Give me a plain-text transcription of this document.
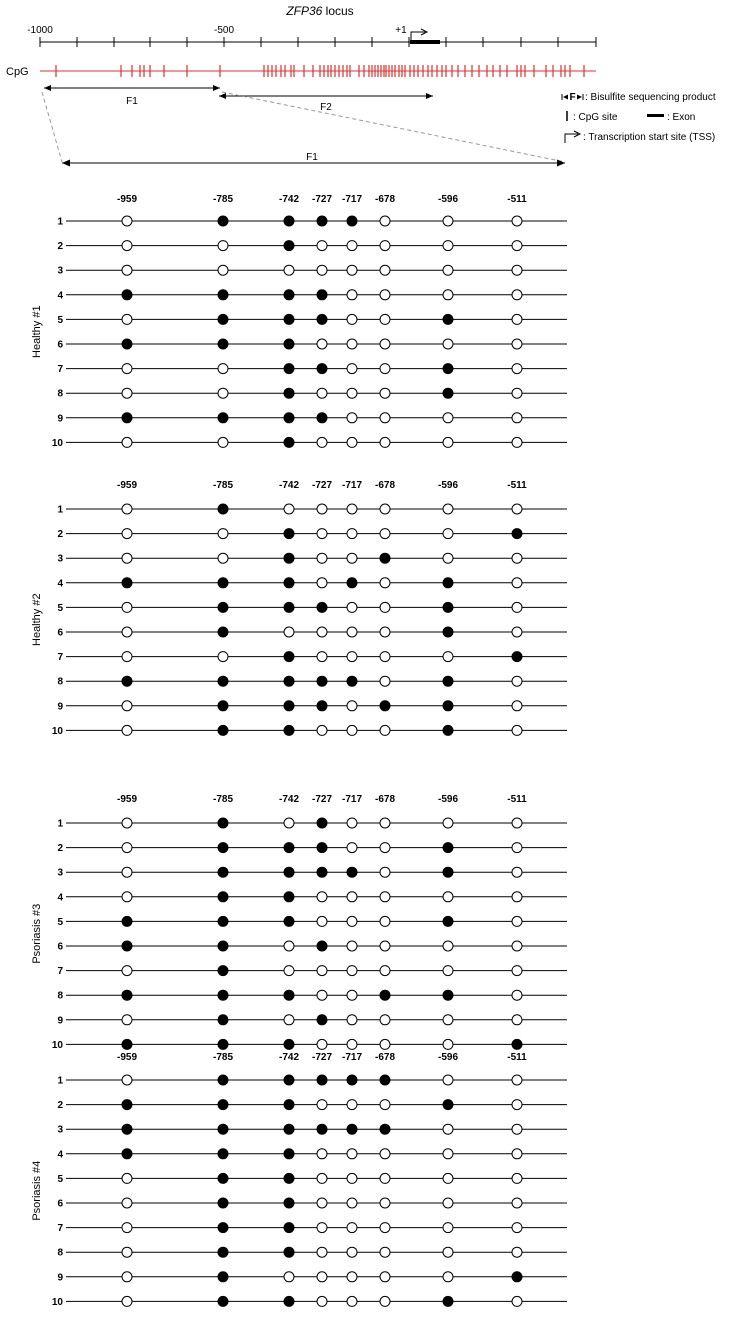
ZFP36 locus
-1000	-500	+1
CpG
F1
F2
F1
F : Bisulfite sequencing product
: CpG site	: Exon
: Transcription start site (TSS)
-959	-785	-742 -727 -717 -678	-596	-511
Healthy #1
1
2
3
4
5
6
7
8
9
10
-959	-785	-742 -727 -717 -678	-596	-511
Healthy #2
1
2
3
4
5
6
7
8
9
10
-959	-785	-742 -727 -717 -678	-596	-511
Psoriasis #3
1
2
3
4
5
6
7
8
9
10
-959	-785	-742 -727 -717 -678	-596	-511
Psoriasis #4
1
2
3
4
5
6
7
8
9
10
